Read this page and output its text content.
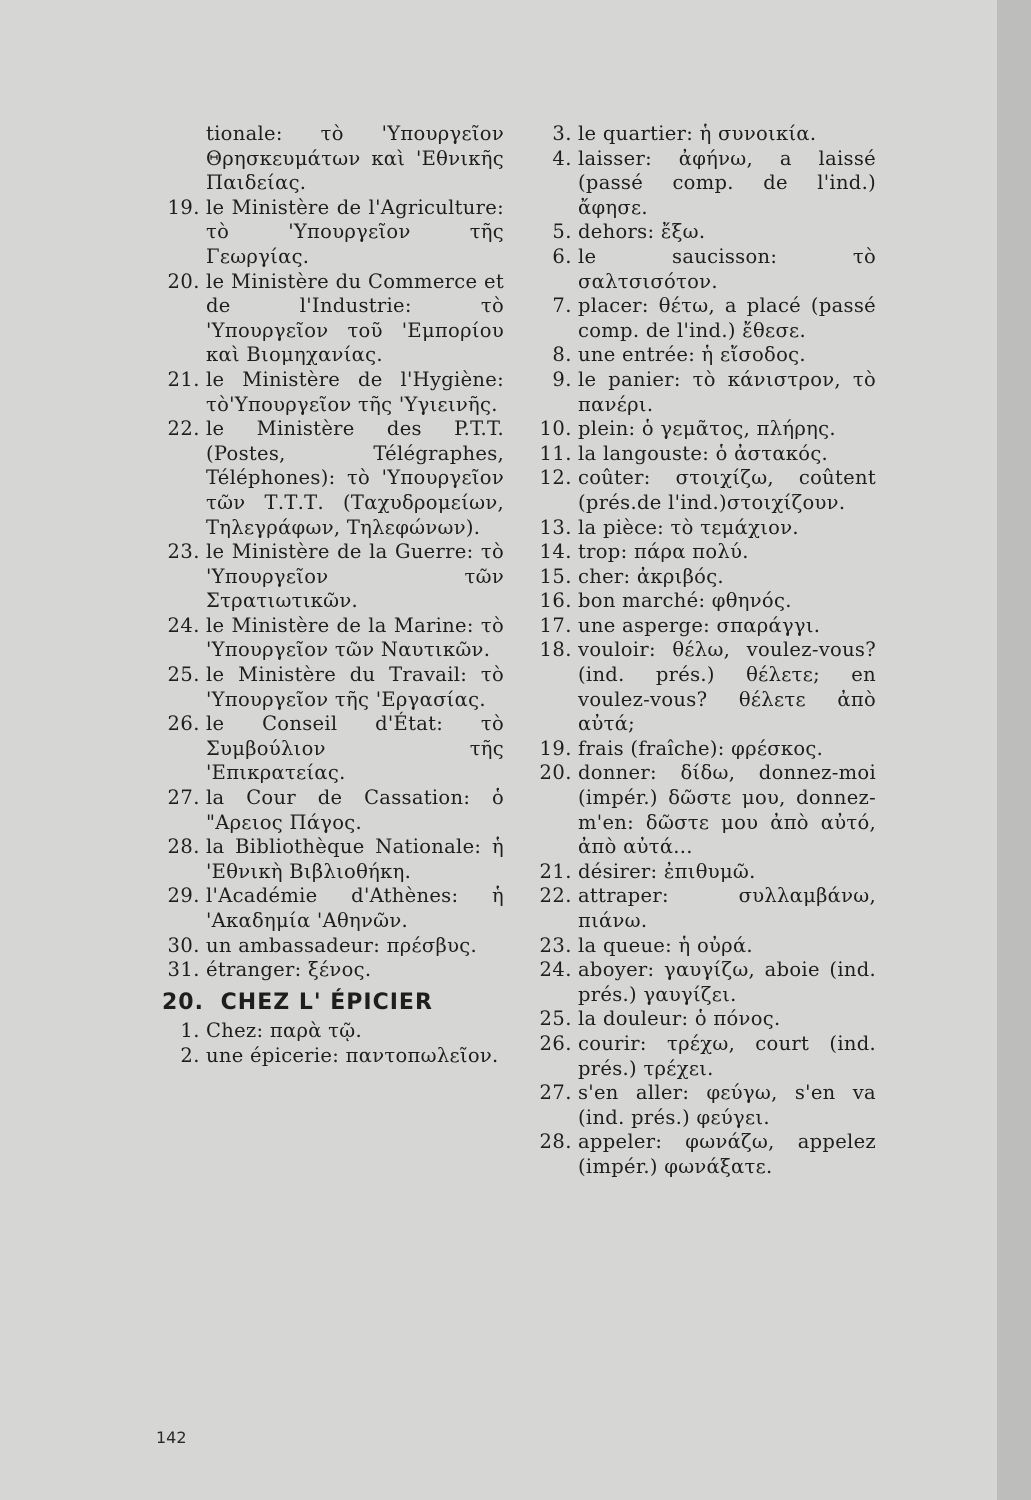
tionale: τὸ 'Υπουργεῖον Θρησκευμάτων καὶ 'Εθνικῆς Παιδείας.
19. le Ministère de l'Agriculture: τὸ 'Υπουργεῖον τῆς Γεωργίας.
20. le Ministère du Commerce et de l'Industrie: τὸ 'Υπουργεῖον τοῦ 'Εμπορίου καὶ Βιομηχανίας.
21. le Ministère de l'Hygiène: τὸ'Υπουργεῖον τῆς 'Υγιεινῆς.
22. le Ministère des P.T.T. (Postes, Télégraphes, Téléphones): τὸ 'Υπουργεῖον τῶν Τ.Τ.Τ. (Ταχυδρομείων, Τηλεγράφων, Τηλεφώνων).
23. le Ministère de la Guerre: τὸ 'Υπουργεῖον τῶν Στρατιωτικῶν.
24. le Ministère de la Marine: τὸ 'Υπουργεῖον τῶν Ναυτικῶν.
25. le Ministère du Travail: τὸ 'Υπουργεῖον τῆς 'Εργασίας.
26. le Conseil d'État: τὸ Συμβούλιον τῆς 'Επικρατείας.
27. la Cour de Cassation: ὁ "Αρειος Πάγος.
28. la Bibliothèque Nationale: ἡ 'Εθνικὴ Βιβλιοθήκη.
29. l'Académie d'Athènes: ἡ 'Ακαδημία 'Αθηνῶν.
30. un ambassadeur: πρέσβυς.
31. étranger: ξένος.
20. CHEZ L' ÉPICIER
1. Chez: παρὰ τῷ.
2. une épicerie: παντοπωλεῖον.
3. le quartier: ἡ συνοικία.
4. laisser: ἀφήνω, a laissé (passé comp. de l'ind.) ἄφησε.
5. dehors: ἔξω.
6. le saucisson: τὸ σαλτσισότον.
7. placer: θέτω, a placé (passé comp. de l'ind.) ἔθεσε.
8. une entrée: ἡ εἴσοδος.
9. le panier: τὸ κάνιστρον, τὸ πανέρι.
10. plein: ὁ γεμᾶτος, πλήρης.
11. la langouste: ὁ ἀστακός.
12. coûter: στοιχίζω, coûtent (prés.de l'ind.)στοιχίζουν.
13. la pièce: τὸ τεμάχιον.
14. trop: πάρα πολύ.
15. cher: ἀκριβός.
16. bon marché: φθηνός.
17. une asperge: σπαράγγι.
18. vouloir: θέλω, voulez-vous?(ind. prés.) θέλετε; en voulez-vous? θέλετε ἀπὸ αὐτά;
19. frais (fraîche): φρέσκος.
20. donner: δίδω, donnez-moi (impér.) δῶστε μου, donnez-m'en: δῶστε μου ἀπὸ αὐτό, ἀπὸ αὐτά...
21. désirer: ἐπιθυμῶ.
22. attraper: συλλαμβάνω, πιάνω.
23. la queue: ἡ οὐρά.
24. aboyer: γαυγίζω, aboie (ind. prés.) γαυγίζει.
25. la douleur: ὁ πόνος.
26. courir: τρέχω, court (ind. prés.) τρέχει.
27. s'en aller: φεύγω, s'en va (ind. prés.) φεύγει.
28. appeler: φωνάζω, appelez (impér.) φωνάξατε.
142
